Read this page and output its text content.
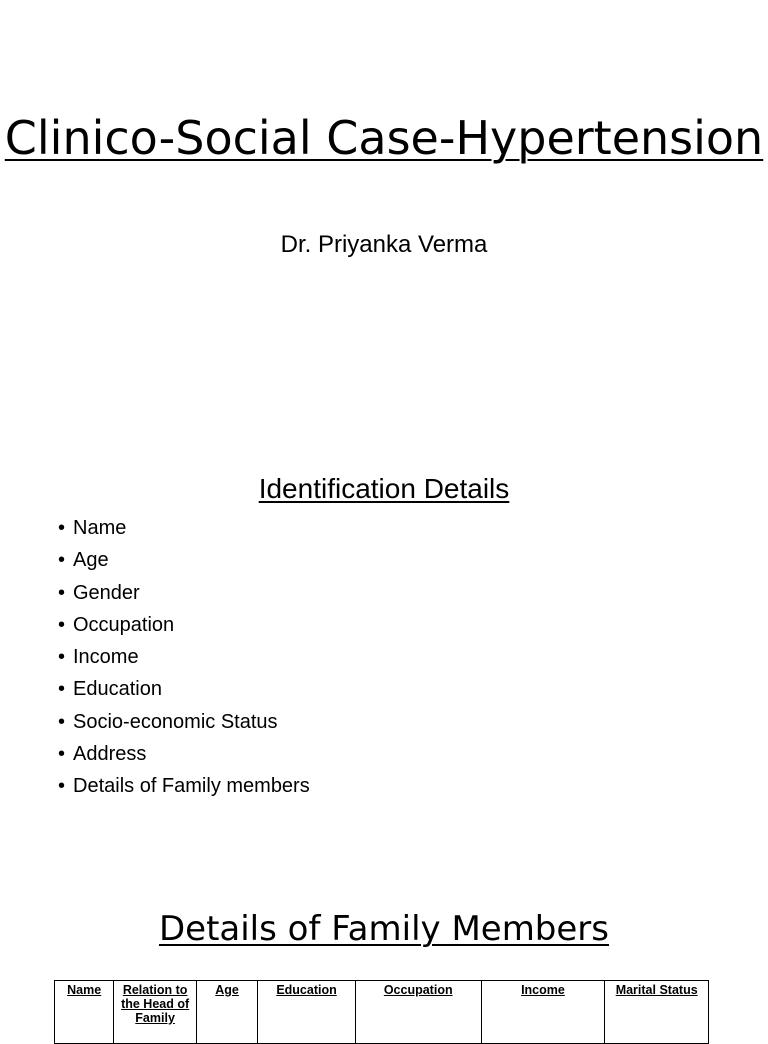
Clinico-Social Case-Hypertension

Dr. Priyanka Verma

Identification Details
• Name
• Age
• Gender
• Occupation
• Income
• Education
• Socio-economic Status
• Address
• Details of Family members
Details of Family Members
Name	Relation to the Head of Family	Age	Education	Occupation	Income	Marital Status
